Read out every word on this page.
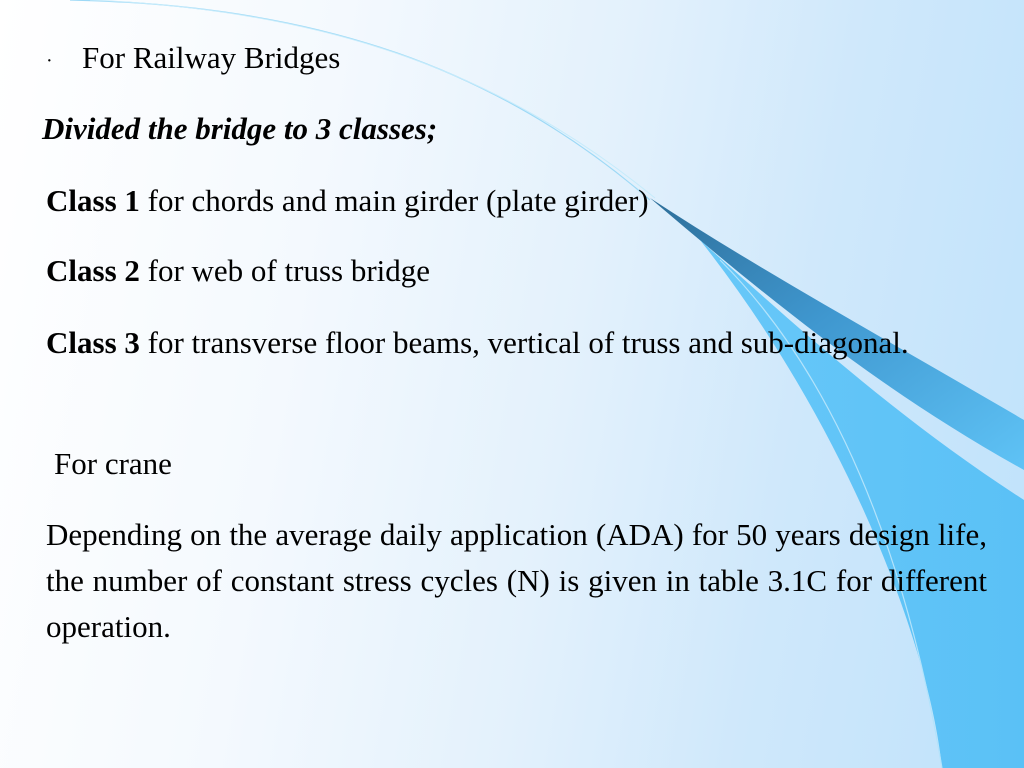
· For Railway Bridges
Divided the bridge to 3 classes;
Class 1 for chords and main girder (plate girder)
Class 2 for web of truss bridge
Class 3 for transverse floor beams, vertical of truss and sub-diagonal.
For crane
Depending on the average daily application (ADA) for 50 years design life, the number of constant stress cycles (N) is given in table 3.1C for different operation.
